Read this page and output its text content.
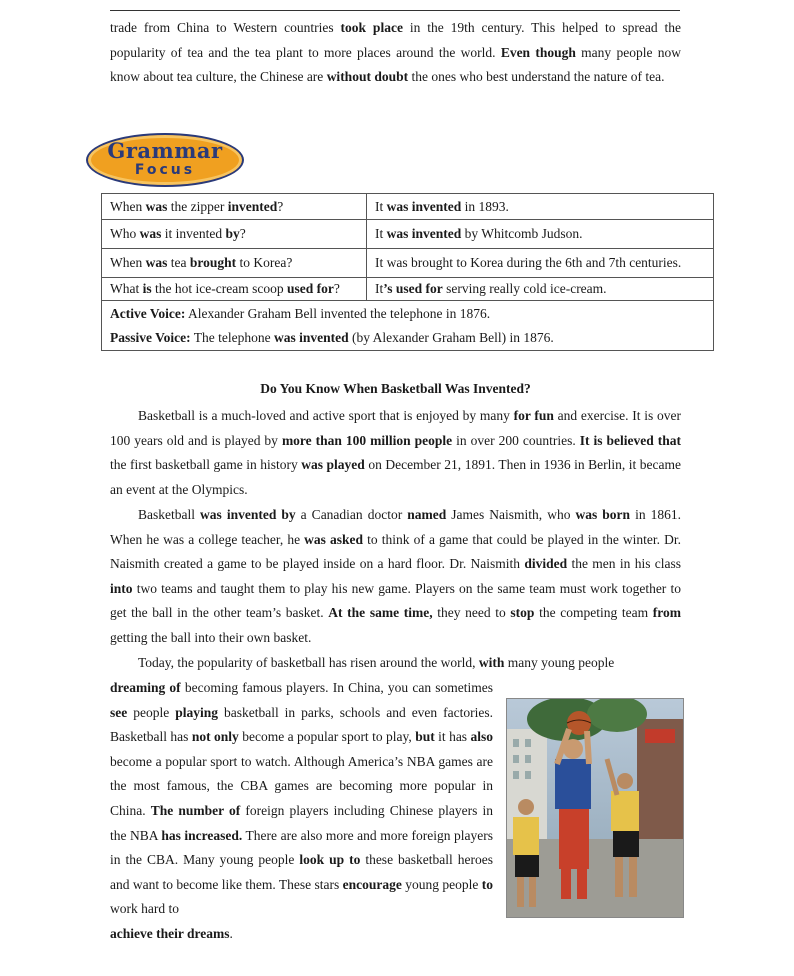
trade from China to Western countries took place in the 19th century. This helped to spread the popularity of tea and the tea plant to more places around the world. Even though many people now know about tea culture, the Chinese are without doubt the ones who best understand the nature of tea.

Grammar
Focus
When was the zipper invented?	It was invented in 1893.
Who was it invented by?	It was invented by Whitcomb Judson.
When was tea brought to Korea?	It was brought to Korea during the 6th and 7th centuries.
What is the hot ice-cream scoop used for?	It’s used for serving really cold ice-cream.

Active Voice: Alexander Graham Bell invented the telephone in 1876.
Passive Voice: The telephone was invented (by Alexander Graham Bell) in 1876.	
Do You Know When Basketball Was Invented?

Basketball is a much-loved and active sport that is enjoyed by many for fun and exercise. It is over 100 years old and is played by more than 100 million people in over 200 countries. It is believed that the first basketball game in history was played on December 21, 1891. Then in 1936 in Berlin, it became an event at the Olympics.

Basketball was invented by a Canadian doctor named James Naismith, who was born in 1861. When he was a college teacher, he was asked to think of a game that could be played in the winter. Dr. Naismith created a game to be played inside on a hard floor. Dr. Naismith divided the men in his class into two teams and taught them to play his new game. Players on the same team must work together to get the ball in the other team’s basket. At the same time, they need to stop the competing team from getting the ball into their own basket.

Today, the popularity of basketball has risen around the world, with many young people

dreaming of becoming famous players. In China, you can sometimes see people playing basketball in parks, schools and even factories. Basketball has not only become a popular sport to play, but it has also become a popular sport to watch. Although America’s NBA games are the most famous, the CBA games are becoming more popular in China. The number of foreign players including Chinese players in the NBA has increased. There are also more and more foreign players in the CBA. Many young people look up to these basketball heroes and want to become like them. These stars encourage young people to work hard to

achieve their dreams.
